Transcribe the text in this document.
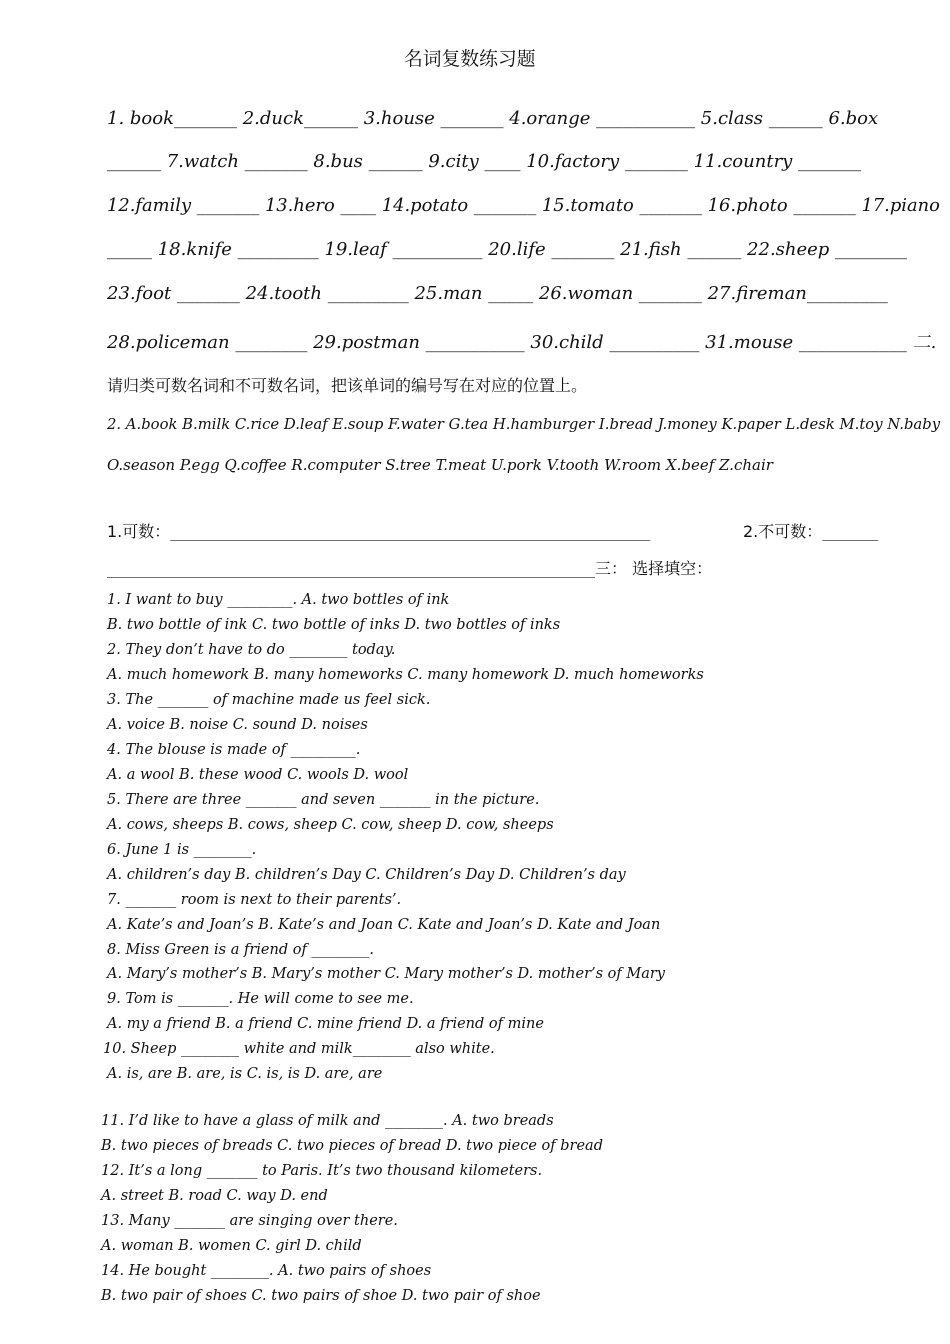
名词复数练习题
1. book_______ 2.duck______ 3.house _______ 4.orange ___________ 5.class ______ 6.box
______ 7.watch _______ 8.bus ______ 9.city ____ 10.factory _______ 11.country _______
12.family _______ 13.hero ____ 14.potato _______ 15.tomato _______ 16.photo _______ 17.piano
_____ 18.knife _________ 19.leaf __________ 20.life _______ 21.fish ______ 22.sheep ________
23.foot _______ 24.tooth _________ 25.man _____ 26.woman _______ 27.fireman_________
28.policeman ________ 29.postman ___________ 30.child __________ 31.mouse ____________ 二.
请归类可数名词和不可数名词，把该单词的编号写在对应的位置上。
2. A.book B.milk C.rice D.leaf E.soup F.water G.tea H.hamburger I.bread J.money K.paper L.desk M.toy N.baby
O.season P.egg Q.coffee R.computer S.tree T.meat U.pork V.tooth W.room X.beef Z.chair
1.可数：____________________________________________________________	2.不可数：_______
_____________________________________________________________三： 选择填空：
1. I want to buy _________. A. two bottles of ink
B. two bottle of ink C. two bottle of inks D. two bottles of inks
2. They don’t have to do ________ today.
A. much homework B. many homeworks C. many homework D. much homeworks
3. The _______ of machine made us feel sick.
A. voice B. noise C. sound D. noises
4. The blouse is made of _________.
A. a wool B. these wood C. wools D. wool
5. There are three _______ and seven _______ in the picture.
A. cows, sheeps B. cows, sheep C. cow, sheep D. cow, sheeps
6. June 1 is ________.
A. children’s day B. children’s Day C. Children’s Day D. Children’s day
7. _______ room is next to their parents’.
A. Kate’s and Joan’s B. Kate’s and Joan C. Kate and Joan’s D. Kate and Joan
8. Miss Green is a friend of ________.
A. Mary’s mother’s B. Mary’s mother C. Mary mother’s D. mother’s of Mary
9. Tom is _______. He will come to see me.
A. my a friend B. a friend C. mine friend D. a friend of mine
10. Sheep ________ white and milk________ also white.
A. is, are B. are, is C. is, is D. are, are
11. I’d like to have a glass of milk and ________. A. two breads
B. two pieces of breads C. two pieces of bread D. two piece of bread
12. It’s a long _______ to Paris. It’s two thousand kilometers.
A. street B. road C. way D. end
13. Many _______ are singing over there.
A. woman B. women C. girl D. child
14. He bought ________. A. two pairs of shoes
B. two pair of shoes C. two pairs of shoe D. two pair of shoe
